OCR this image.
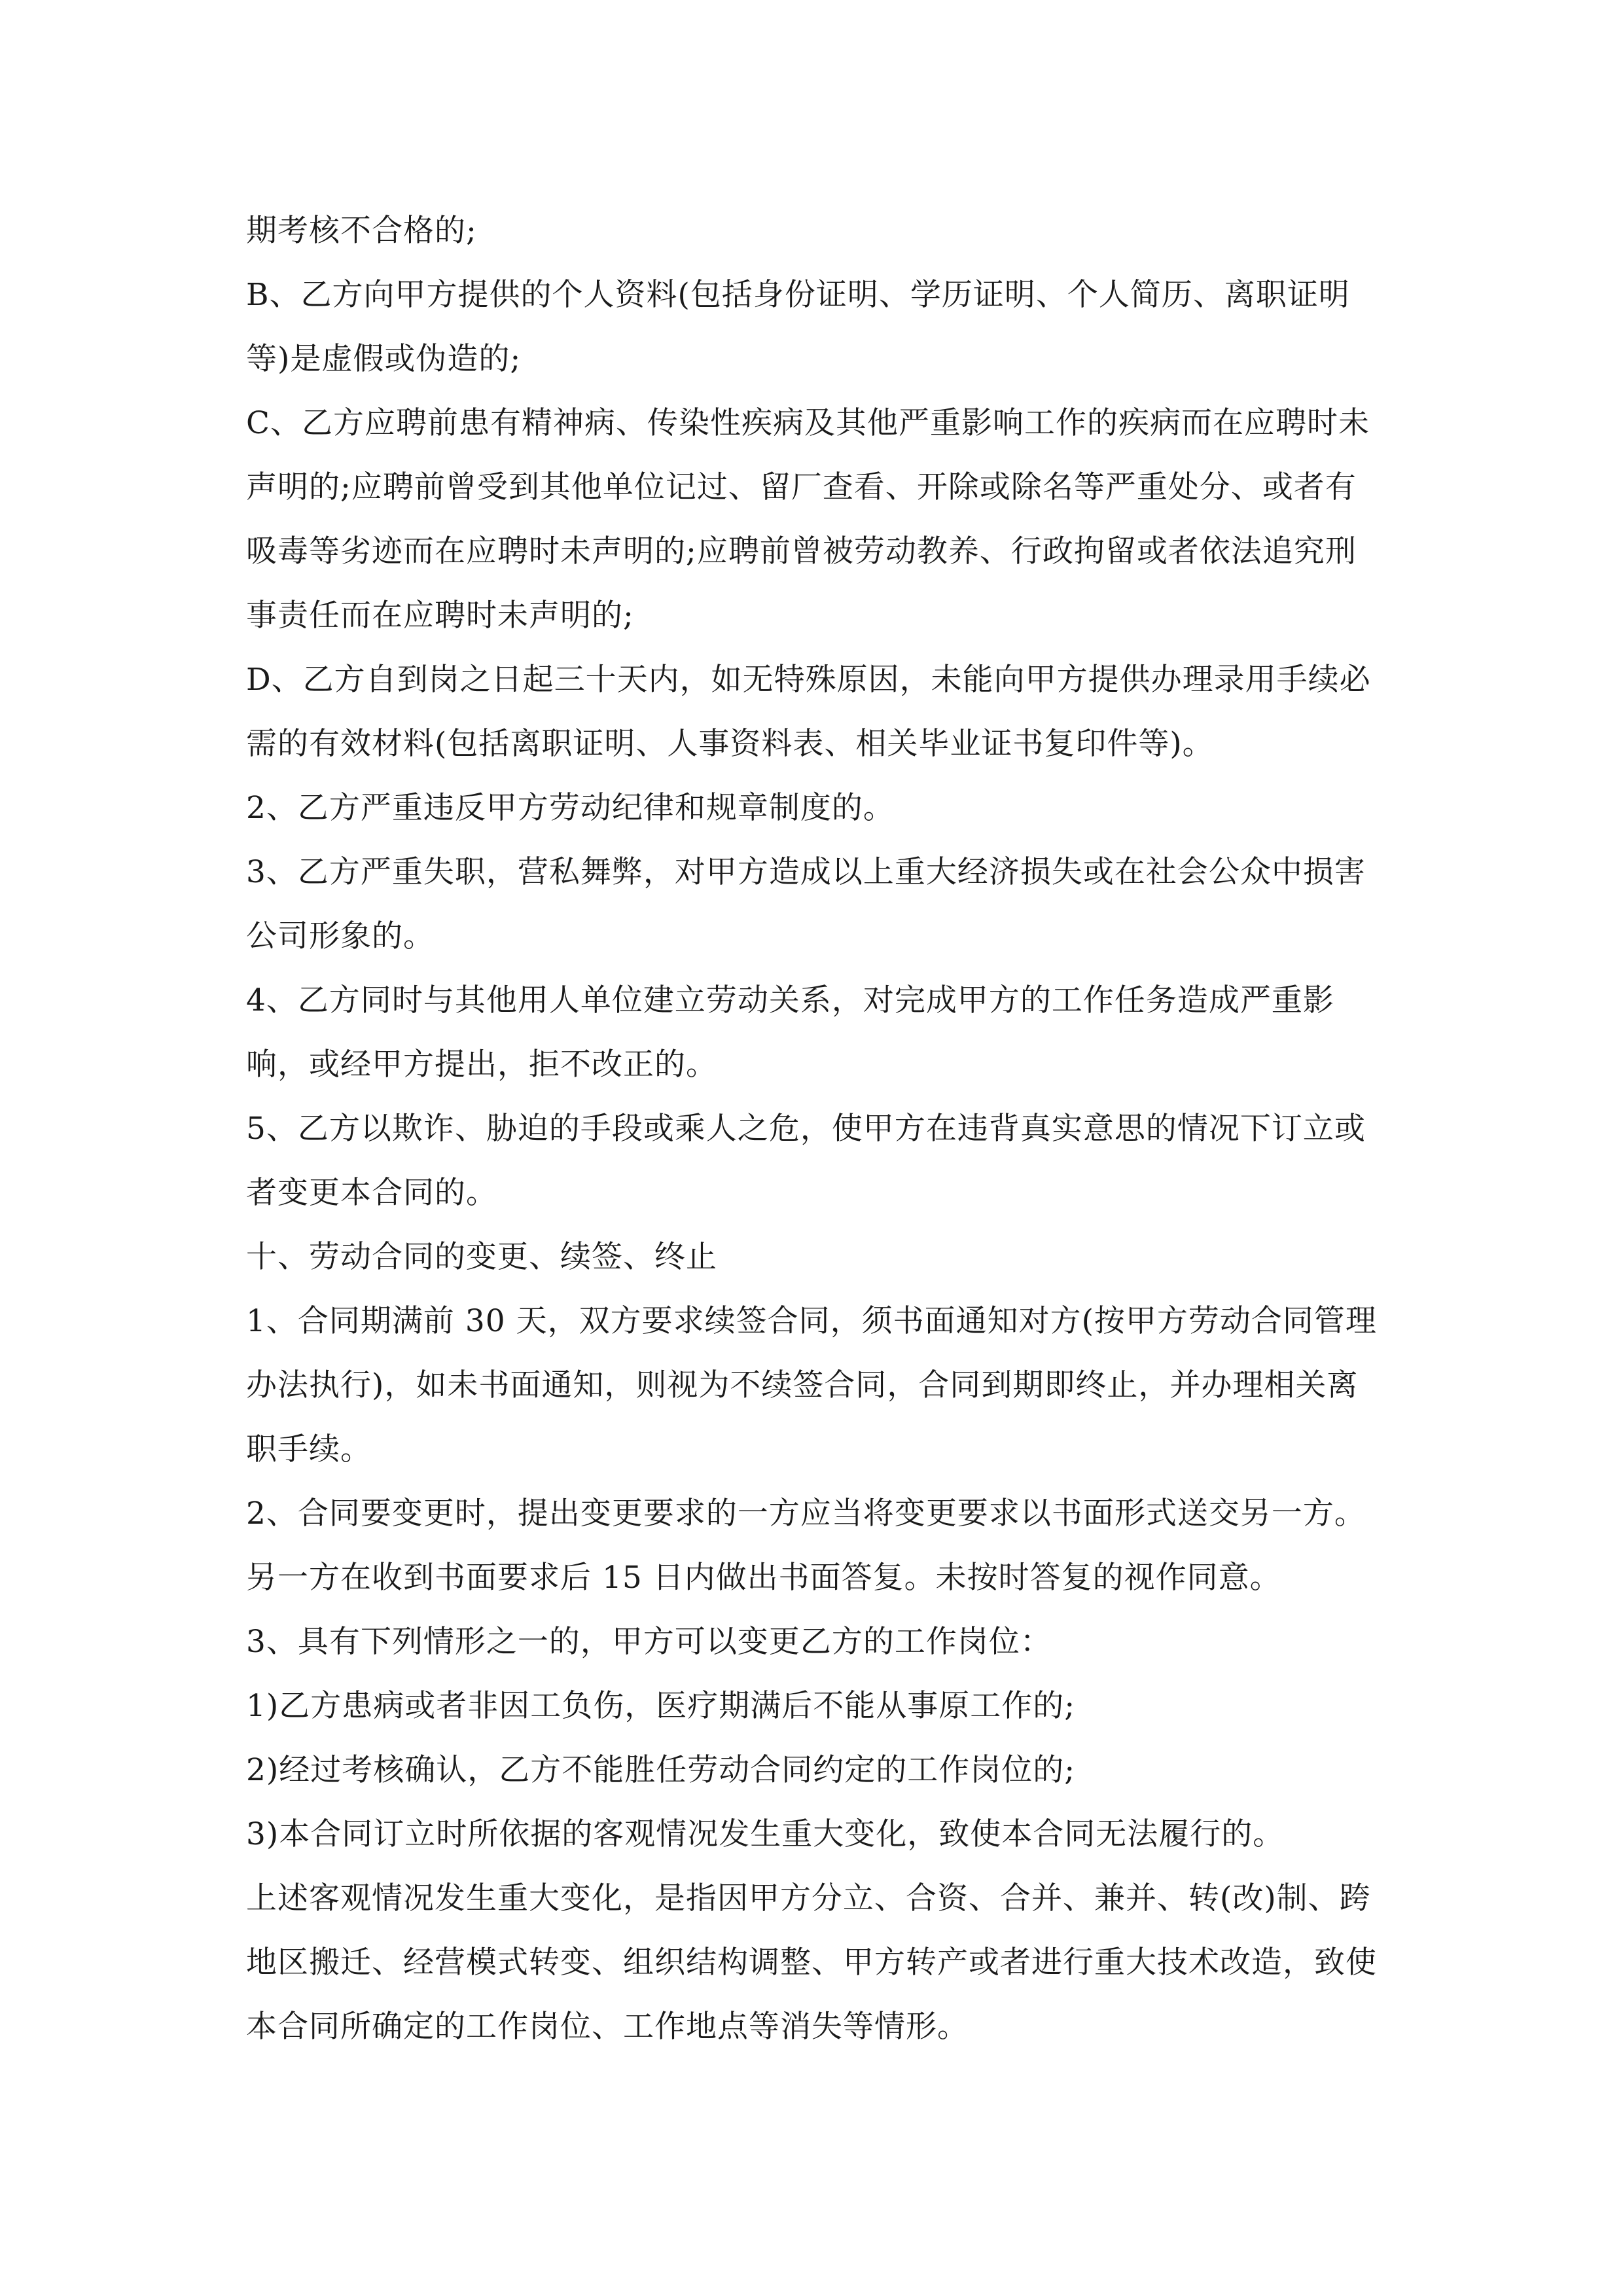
期考核不合格的;

B、乙方向甲方提供的个人资料(包括身份证明、学历证明、个人简历、离职证明等)是虚假或伪造的;

C、乙方应聘前患有精神病、传染性疾病及其他严重影响工作的疾病而在应聘时未声明的;应聘前曾受到其他单位记过、留厂查看、开除或除名等严重处分、或者有吸毒等劣迹而在应聘时未声明的;应聘前曾被劳动教养、行政拘留或者依法追究刑事责任而在应聘时未声明的;

D、乙方自到岗之日起三十天内，如无特殊原因，未能向甲方提供办理录用手续必需的有效材料(包括离职证明、人事资料表、相关毕业证书复印件等)。

2、乙方严重违反甲方劳动纪律和规章制度的。

3、乙方严重失职，营私舞弊，对甲方造成以上重大经济损失或在社会公众中损害公司形象的。

4、乙方同时与其他用人单位建立劳动关系，对完成甲方的工作任务造成严重影响，或经甲方提出，拒不改正的。

5、乙方以欺诈、胁迫的手段或乘人之危，使甲方在违背真实意思的情况下订立或者变更本合同的。

十、劳动合同的变更、续签、终止

1、合同期满前 30 天，双方要求续签合同，须书面通知对方(按甲方劳动合同管理办法执行)，如未书面通知，则视为不续签合同，合同到期即终止，并办理相关离职手续。

2、合同要变更时，提出变更要求的一方应当将变更要求以书面形式送交另一方。另一方在收到书面要求后 15 日内做出书面答复。未按时答复的视作同意。

3、具有下列情形之一的，甲方可以变更乙方的工作岗位：

1)乙方患病或者非因工负伤，医疗期满后不能从事原工作的;

2)经过考核确认，乙方不能胜任劳动合同约定的工作岗位的;

3)本合同订立时所依据的客观情况发生重大变化，致使本合同无法履行的。

上述客观情况发生重大变化，是指因甲方分立、合资、合并、兼并、转(改)制、跨地区搬迁、经营模式转变、组织结构调整、甲方转产或者进行重大技术改造，致使本合同所确定的工作岗位、工作地点等消失等情形。
